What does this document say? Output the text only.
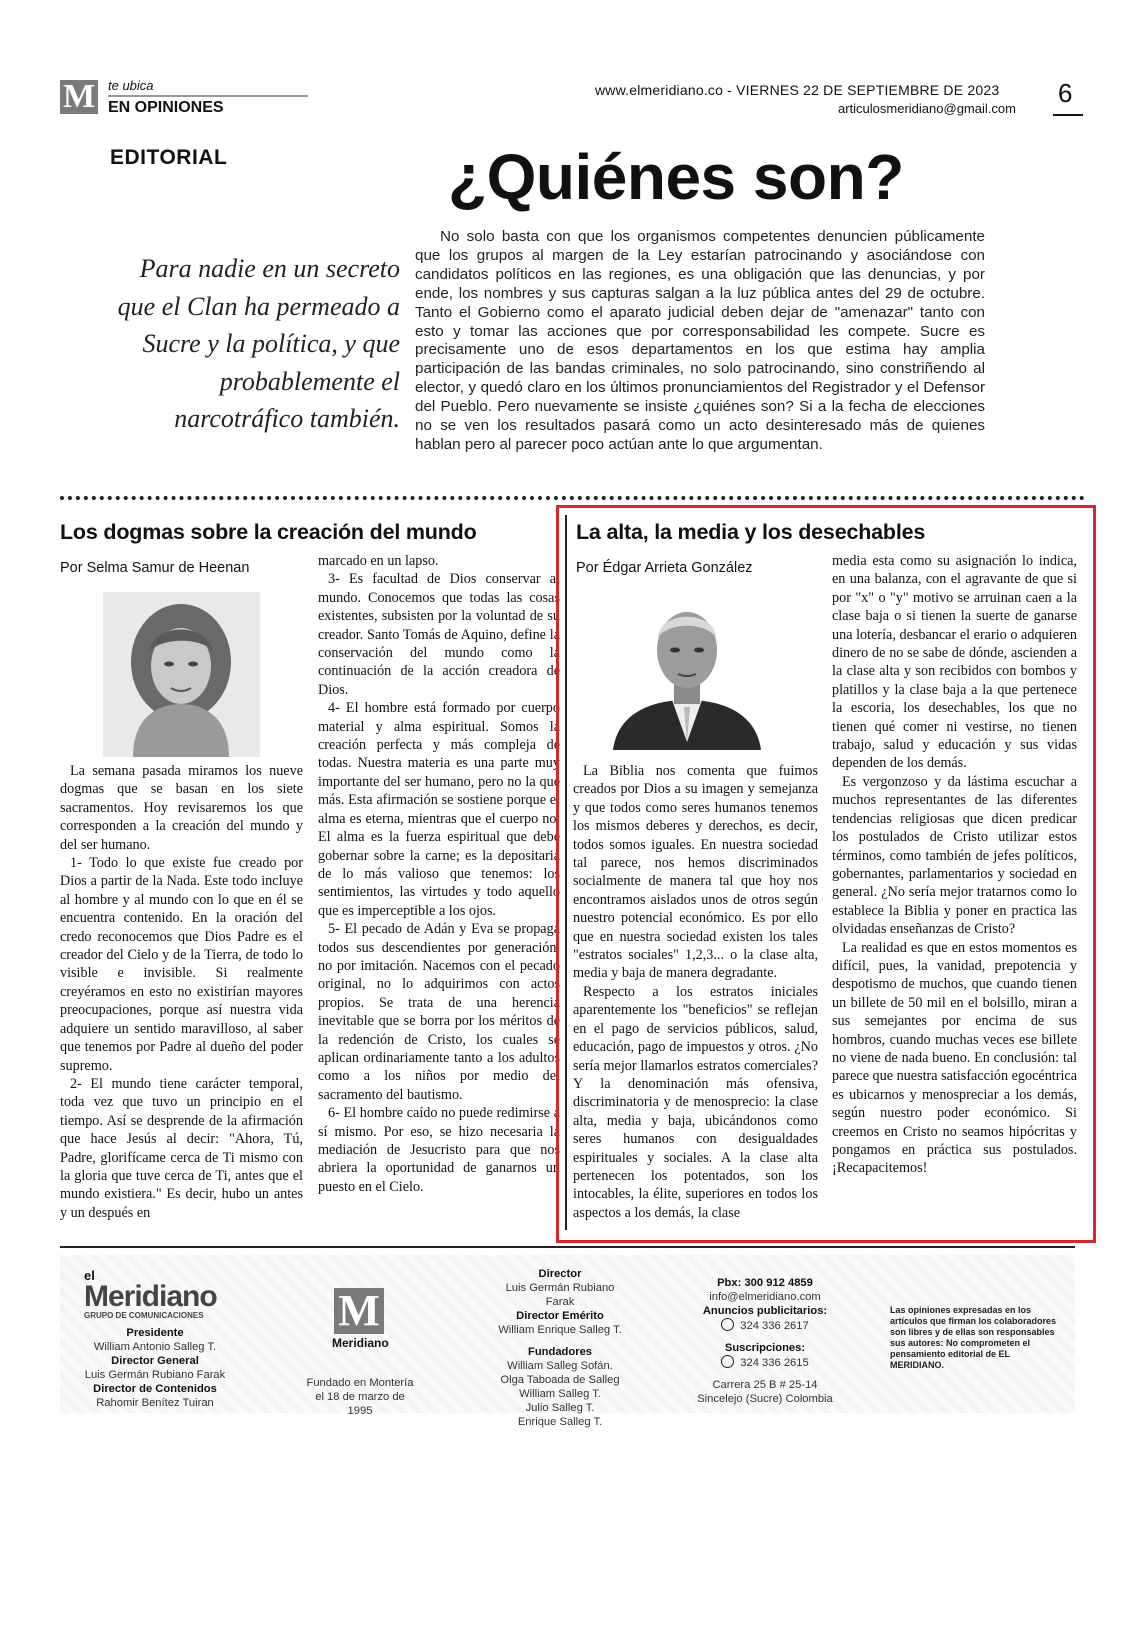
M te ubica
EN OPINIONES
www.elmeridiano.co - VIERNES 22 DE SEPTIEMBRE DE 2023
articulosmeridiano@gmail.com
6
EDITORIAL	¿Quiénes son?
Para nadie en un secreto que el Clan ha permeado a Sucre y la política, y que probablemente el narcotráfico también.
No solo basta con que los organismos competentes denuncien públicamente que los grupos al margen de la Ley estarían patrocinando y asociándose con candidatos políticos en las regiones, es una obligación que las denuncias, y por ende, los nombres y sus capturas salgan a la luz pública antes del 29 de octubre. Tanto el Gobierno como el aparato judicial deben dejar de "amenazar" tanto con esto y tomar las acciones que por corresponsabilidad les compete. Sucre es precisamente uno de esos departamentos en los que estima hay amplia participación de las bandas criminales, no solo patrocinando, sino constriñendo al elector, y quedó claro en los últimos pronunciamientos del Registrador y el Defensor del Pueblo. Pero nuevamente se insiste ¿quiénes son? Si a la fecha de elecciones no se ven los resultados pasará como un acto desinteresado más de quienes hablan pero al parecer poco actúan ante lo que argumentan.
Los dogmas sobre la creación del mundo
Por Selma Samur de Heenan

La semana pasada miramos los nueve dogmas que se basan en los siete sacramentos. Hoy revisaremos los que corresponden a la creación del mundo y del ser humano.

1- Todo lo que existe fue creado por Dios a partir de la Nada. Este todo incluye al hombre y al mundo con lo que en él se encuentra contenido. En la oración del credo reconocemos que Dios Padre es el creador del Cielo y de la Tierra, de todo lo visible e invisible. Si realmente creyéramos en esto no existirían mayores preocupaciones, porque así nuestra vida adquiere un sentido maravilloso, al saber que tenemos por Padre al dueño del poder supremo.

2- El mundo tiene carácter temporal, toda vez que tuvo un principio en el tiempo. Así se desprende de la afirmación que hace Jesús al decir: "Ahora, Tú, Padre, glorifícame cerca de Ti mismo con la gloria que tuve cerca de Ti, antes que el mundo existiera." Es decir, hubo un antes y un después en

marcado en un lapso.

3- Es facultad de Dios conservar al mundo. Conocemos que todas las cosas existentes, subsisten por la voluntad de su creador. Santo Tomás de Aquino, define la conservación del mundo como la continuación de la acción creadora de Dios.

4- El hombre está formado por cuerpo material y alma espiritual. Somos la creación perfecta y más compleja de todas. Nuestra materia es una parte muy importante del ser humano, pero no la que más. Esta afirmación se sostiene porque el alma es eterna, mientras que el cuerpo no. El alma es la fuerza espiritual que debe gobernar sobre la carne; es la depositaria de lo más valioso que tenemos: los sentimientos, las virtudes y todo aquello que es imperceptible a los ojos.

5- El pecado de Adán y Eva se propaga todos sus descendientes por generación, no por imitación. Nacemos con el pecado original, no lo adquirimos con actos propios. Se trata de una herencia inevitable que se borra por los méritos de la redención de Cristo, los cuales se aplican ordinariamente tanto a los adultos como a los niños por medio del sacramento del bautismo.

6- El hombre caído no puede redimirse a sí mismo. Por eso, se hizo necesaria la mediación de Jesucristo para que nos abriera la oportunidad de ganarnos un puesto en el Cielo.

La alta, la media y los desechables
Por Édgar Arrieta González

La Biblia nos comenta que fuimos creados por Dios a su imagen y semejanza y que todos como seres humanos tenemos los mismos deberes y derechos, es decir, todos somos iguales. En nuestra sociedad tal parece, nos hemos discriminados socialmente de manera tal que hoy nos encontramos aislados unos de otros según nuestro potencial económico. Es por ello que en nuestra sociedad existen los tales "estratos sociales" 1,2,3... o la clase alta, media y baja de manera degradante.

Respecto a los estratos iniciales aparentemente los "beneficios" se reflejan en el pago de servicios públicos, salud, educación, pago de impuestos y otros. ¿No sería mejor llamarlos estratos comerciales? Y la denominación más ofensiva, discriminatoria y de menosprecio: la clase alta, media y baja, ubicándonos como seres humanos con desigualdades espirituales y sociales. A la clase alta pertenecen los potentados, son los intocables, la élite, superiores en todos los aspectos a los demás, la clase

media esta como su asignación lo indica, en una balanza, con el agravante de que si por "x" o "y" motivo se arruinan caen a la clase baja o si tienen la suerte de ganarse una lotería, desbancar el erario o adquieren dinero de no se sabe de dónde, ascienden a la clase alta y son recibidos con bombos y platillos y la clase baja a la que pertenece la escoria, los desechables, los que no tienen qué comer ni vestirse, no tienen trabajo, salud y educación y sus vidas dependen de los demás.

Es vergonzoso y da lástima escuchar a muchos representantes de las diferentes tendencias religiosas que dicen predicar los postulados de Cristo utilizar estos términos, como también de jefes políticos, gobernantes, parlamentarios y sociedad en general. ¿No sería mejor tratarnos como lo establece la Biblia y poner en practica las olvidadas enseñanzas de Cristo?

La realidad es que en estos momentos es difícil, pues, la vanidad, prepotencia y despotismo de muchos, que cuando tienen un billete de 50 mil en el bolsillo, miran a sus semejantes por encima de sus hombros, cuando muchas veces ese billete no viene de nada bueno. En conclusión: tal parece que nuestra satisfacción egocéntrica es ubicarnos y menospreciar a los demás, según nuestro poder económico. Si creemos en Cristo no seamos hipócritas y pongamos en práctica sus postulados. ¡Recapacitemos!

el
Meridiano
GRUPO DE COMUNICACIONES
Presidente
William Antonio Salleg T.
Director General
Luis Germán Rubiano Farak
Director de Contenidos
Rahomir Benítez Tuiran
M
Meridiano
Fundado en Montería el 18 de marzo de 1995
Director
Luis Germán Rubiano Farak
Director Emérito
William Enrique Salleg T.

Fundadores
William Salleg Sofán.
Olga Taboada de Salleg
William Salleg T.
Julio Salleg T.
Enrique Salleg T.
Pbx: 300 912 4859
info@elmeridiano.com
Anuncios publicitarios:
324 336 2617

Suscripciones:
324 336 2615

Carrera 25 B # 25-14
Sincelejo (Sucre) Colombia
Las opiniones expresadas en los artículos que firman los colaboradores son libres y de ellas son responsables sus autores: No comprometen el pensamiento editorial de EL MERIDIANO.
